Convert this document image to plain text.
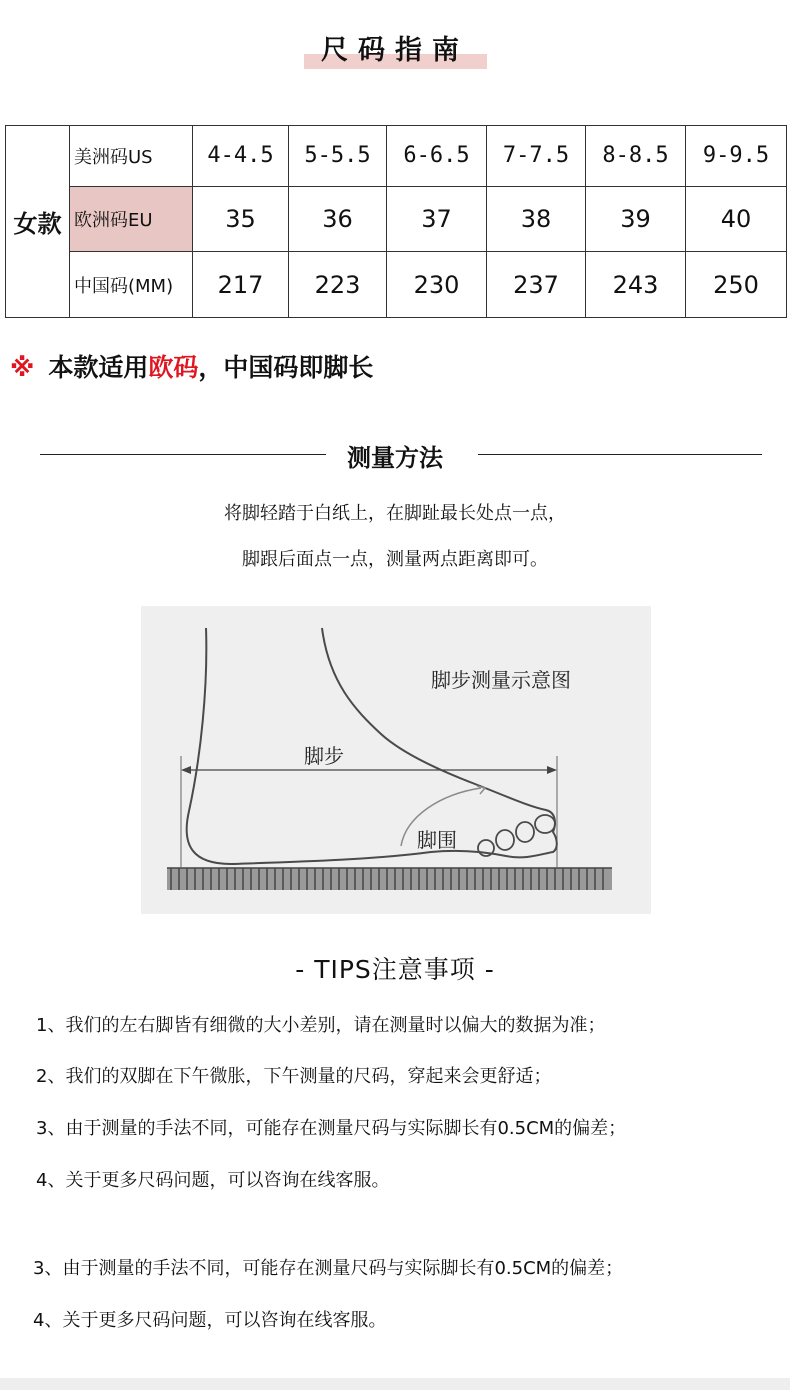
尺码指南
女款	美洲码US	4-4.5	5-5.5	6-6.5	7-7.5	8-8.5	9-9.5
	欧洲码EU	35	36	37	38	39	40
	中国码(MM)	217	223	230	237	243	250
※ 本款适用欧码，中国码即脚长
测量方法
将脚轻踏于白纸上，在脚趾最长处点一点，
脚跟后面点一点，测量两点距离即可。
脚步测量示意图
脚步
脚围
- TIPS注意事项 -
1、我们的左右脚皆有细微的大小差别，请在测量时以偏大的数据为准；
2、我们的双脚在下午微胀，下午测量的尺码，穿起来会更舒适；
3、由于测量的手法不同，可能存在测量尺码与实际脚长有0.5CM的偏差；
4、关于更多尺码问题，可以咨询在线客服。
3、由于测量的手法不同，可能存在测量尺码与实际脚长有0.5CM的偏差；
4、关于更多尺码问题，可以咨询在线客服。
